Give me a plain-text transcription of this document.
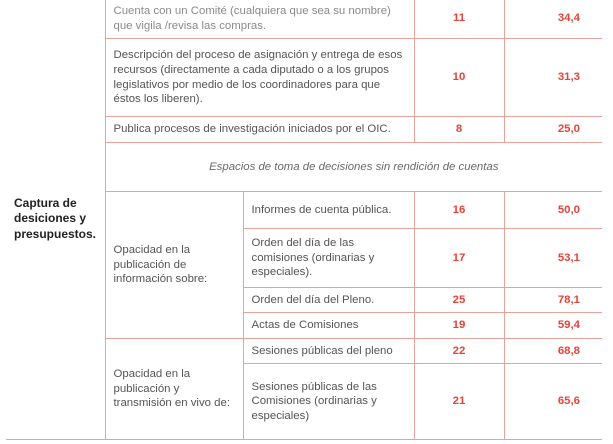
Captura de desiciones y presupuestos.	Cuenta con un Comité (cualquiera que sea su nombre) que vigila /revisa las compras.		11	34,4
	Descripción del proceso de asignación y entrega de esos recursos (directamente a cada diputado o a los grupos legislativos por medio de los coordinadores para que éstos los liberen).		10	31,3
	Publica procesos de investigación iniciados por el OIC.		8	25,0
	Espacios de toma de decisiones sin rendición de cuentas			
	Opacidad en la publicación de información sobre:	Informes de cuenta pública.	16	50,0
		Orden del día de las comisiones (ordinarias y especiales).	17	53,1
		Orden del día del Pleno.	25	78,1
		Actas de Comisiones	19	59,4
	Opacidad en la publicación y transmisión en vivo de:	Sesiones públicas del pleno	22	68,8
		Sesiones públicas de las Comisiones (ordinarias y especiales)	21	65,6
